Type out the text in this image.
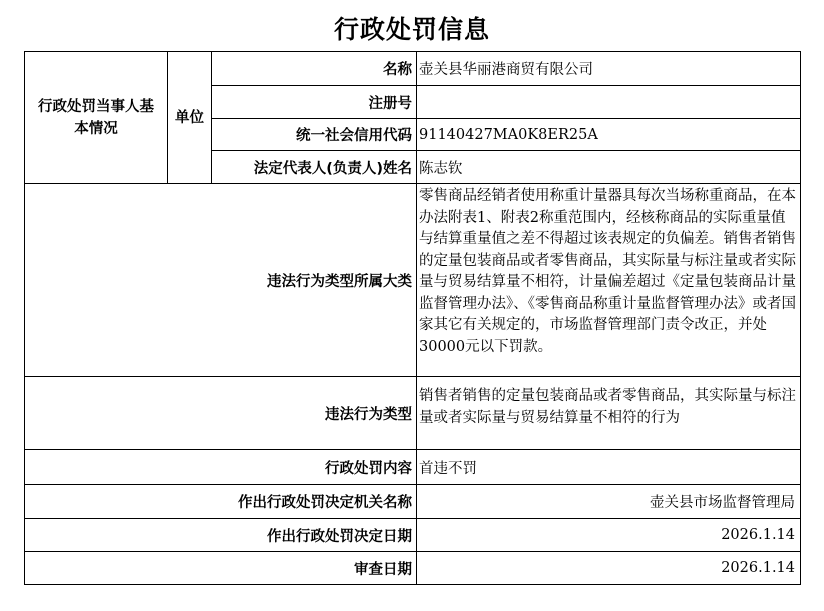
行政处罚信息
行政处罚当事人基本情况	单位	名称	壶关县华丽港商贸有限公司
		注册号	
		统一社会信用代码	91140427MA0K8ER25A
		法定代表人(负责人)姓名	陈志钦
违法行为类型所属大类			零售商品经销者使用称重计量器具每次当场称重商品，在本办法附表1、附表2称重范围内，经核称商品的实际重量值与结算重量值之差不得超过该表规定的负偏差。销售者销售的定量包装商品或者零售商品，其实际量与标注量或者实际量与贸易结算量不相符，计量偏差超过《定量包装商品计量监督管理办法》、《零售商品称重计量监督管理办法》或者国家其它有关规定的，市场监督管理部门责令改正，并处30000元以下罚款。
违法行为类型			销售者销售的定量包装商品或者零售商品，其实际量与标注量或者实际量与贸易结算量不相符的行为
行政处罚内容			首违不罚
作出行政处罚决定机关名称			壶关县市场监督管理局
作出行政处罚决定日期			2026.1.14
审查日期			2026.1.14
